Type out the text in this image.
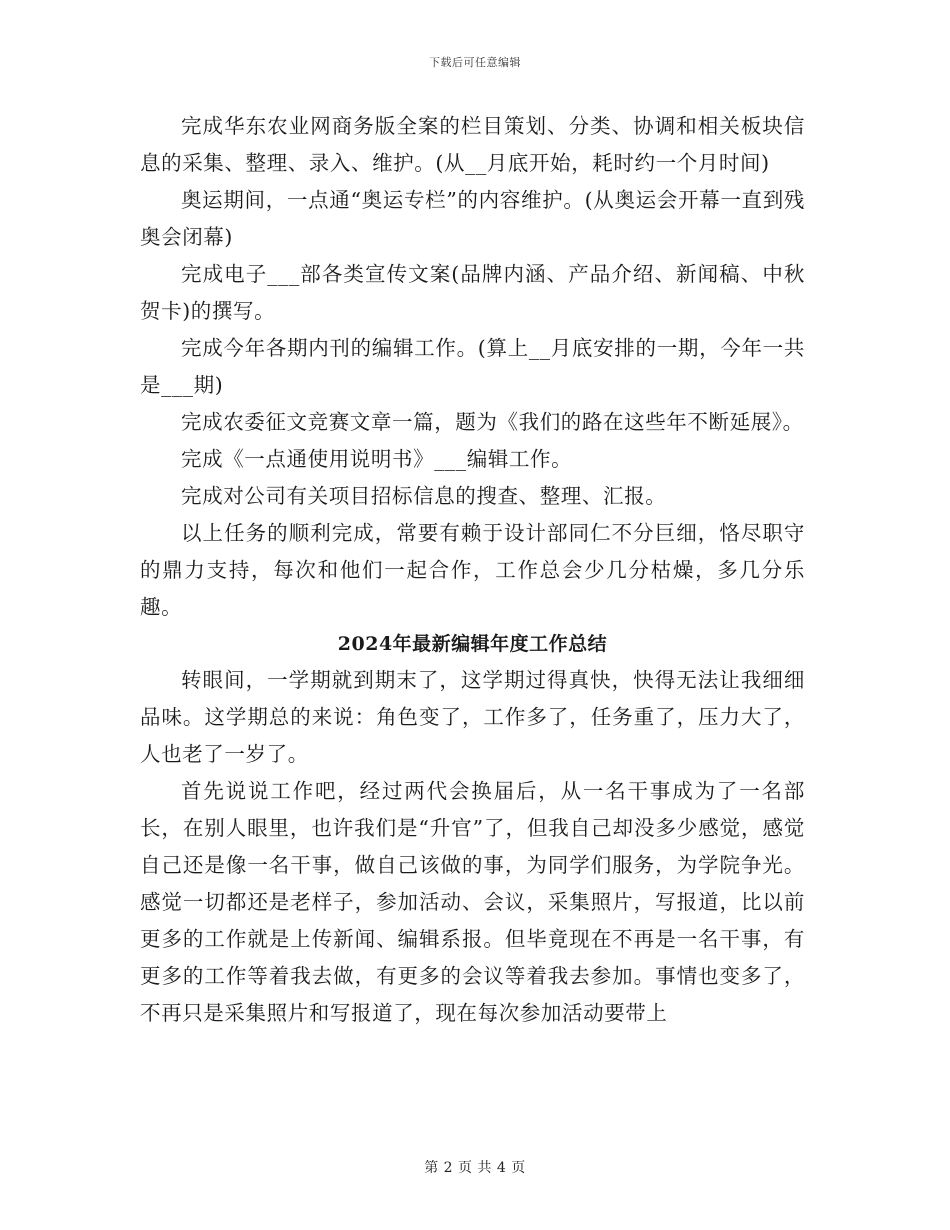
下载后可任意编辑

完成华东农业网商务版全案的栏目策划、分类、协调和相关板块信息的采集、整理、录入、维护。(从__月底开始，耗时约一个月时间)

奥运期间，一点通“奥运专栏”的内容维护。(从奥运会开幕一直到残奥会闭幕)

完成电子___部各类宣传文案(品牌内涵、产品介绍、新闻稿、中秋贺卡)的撰写。

完成今年各期内刊的编辑工作。(算上__月底安排的一期，今年一共是___期)

完成农委征文竞赛文章一篇，题为《我们的路在这些年不断延展》。

完成《一点通使用说明书》___编辑工作。

完成对公司有关项目招标信息的搜查、整理、汇报。

以上任务的顺利完成，常要有赖于设计部同仁不分巨细，恪尽职守的鼎力支持，每次和他们一起合作，工作总会少几分枯燥，多几分乐趣。

2024年最新编辑年度工作总结

转眼间，一学期就到期末了，这学期过得真快，快得无法让我细细品味。这学期总的来说：角色变了，工作多了，任务重了，压力大了，人也老了一岁了。

首先说说工作吧，经过两代会换届后，从一名干事成为了一名部长，在别人眼里，也许我们是“升官”了，但我自己却没多少感觉，感觉自己还是像一名干事，做自己该做的事，为同学们服务，为学院争光。感觉一切都还是老样子，参加活动、会议，采集照片，写报道，比以前更多的工作就是上传新闻、编辑系报。但毕竟现在不再是一名干事，有更多的工作等着我去做，有更多的会议等着我去参加。事情也变多了，不再只是采集照片和写报道了，现在每次参加活动要带上

第 2 页 共 4 页
